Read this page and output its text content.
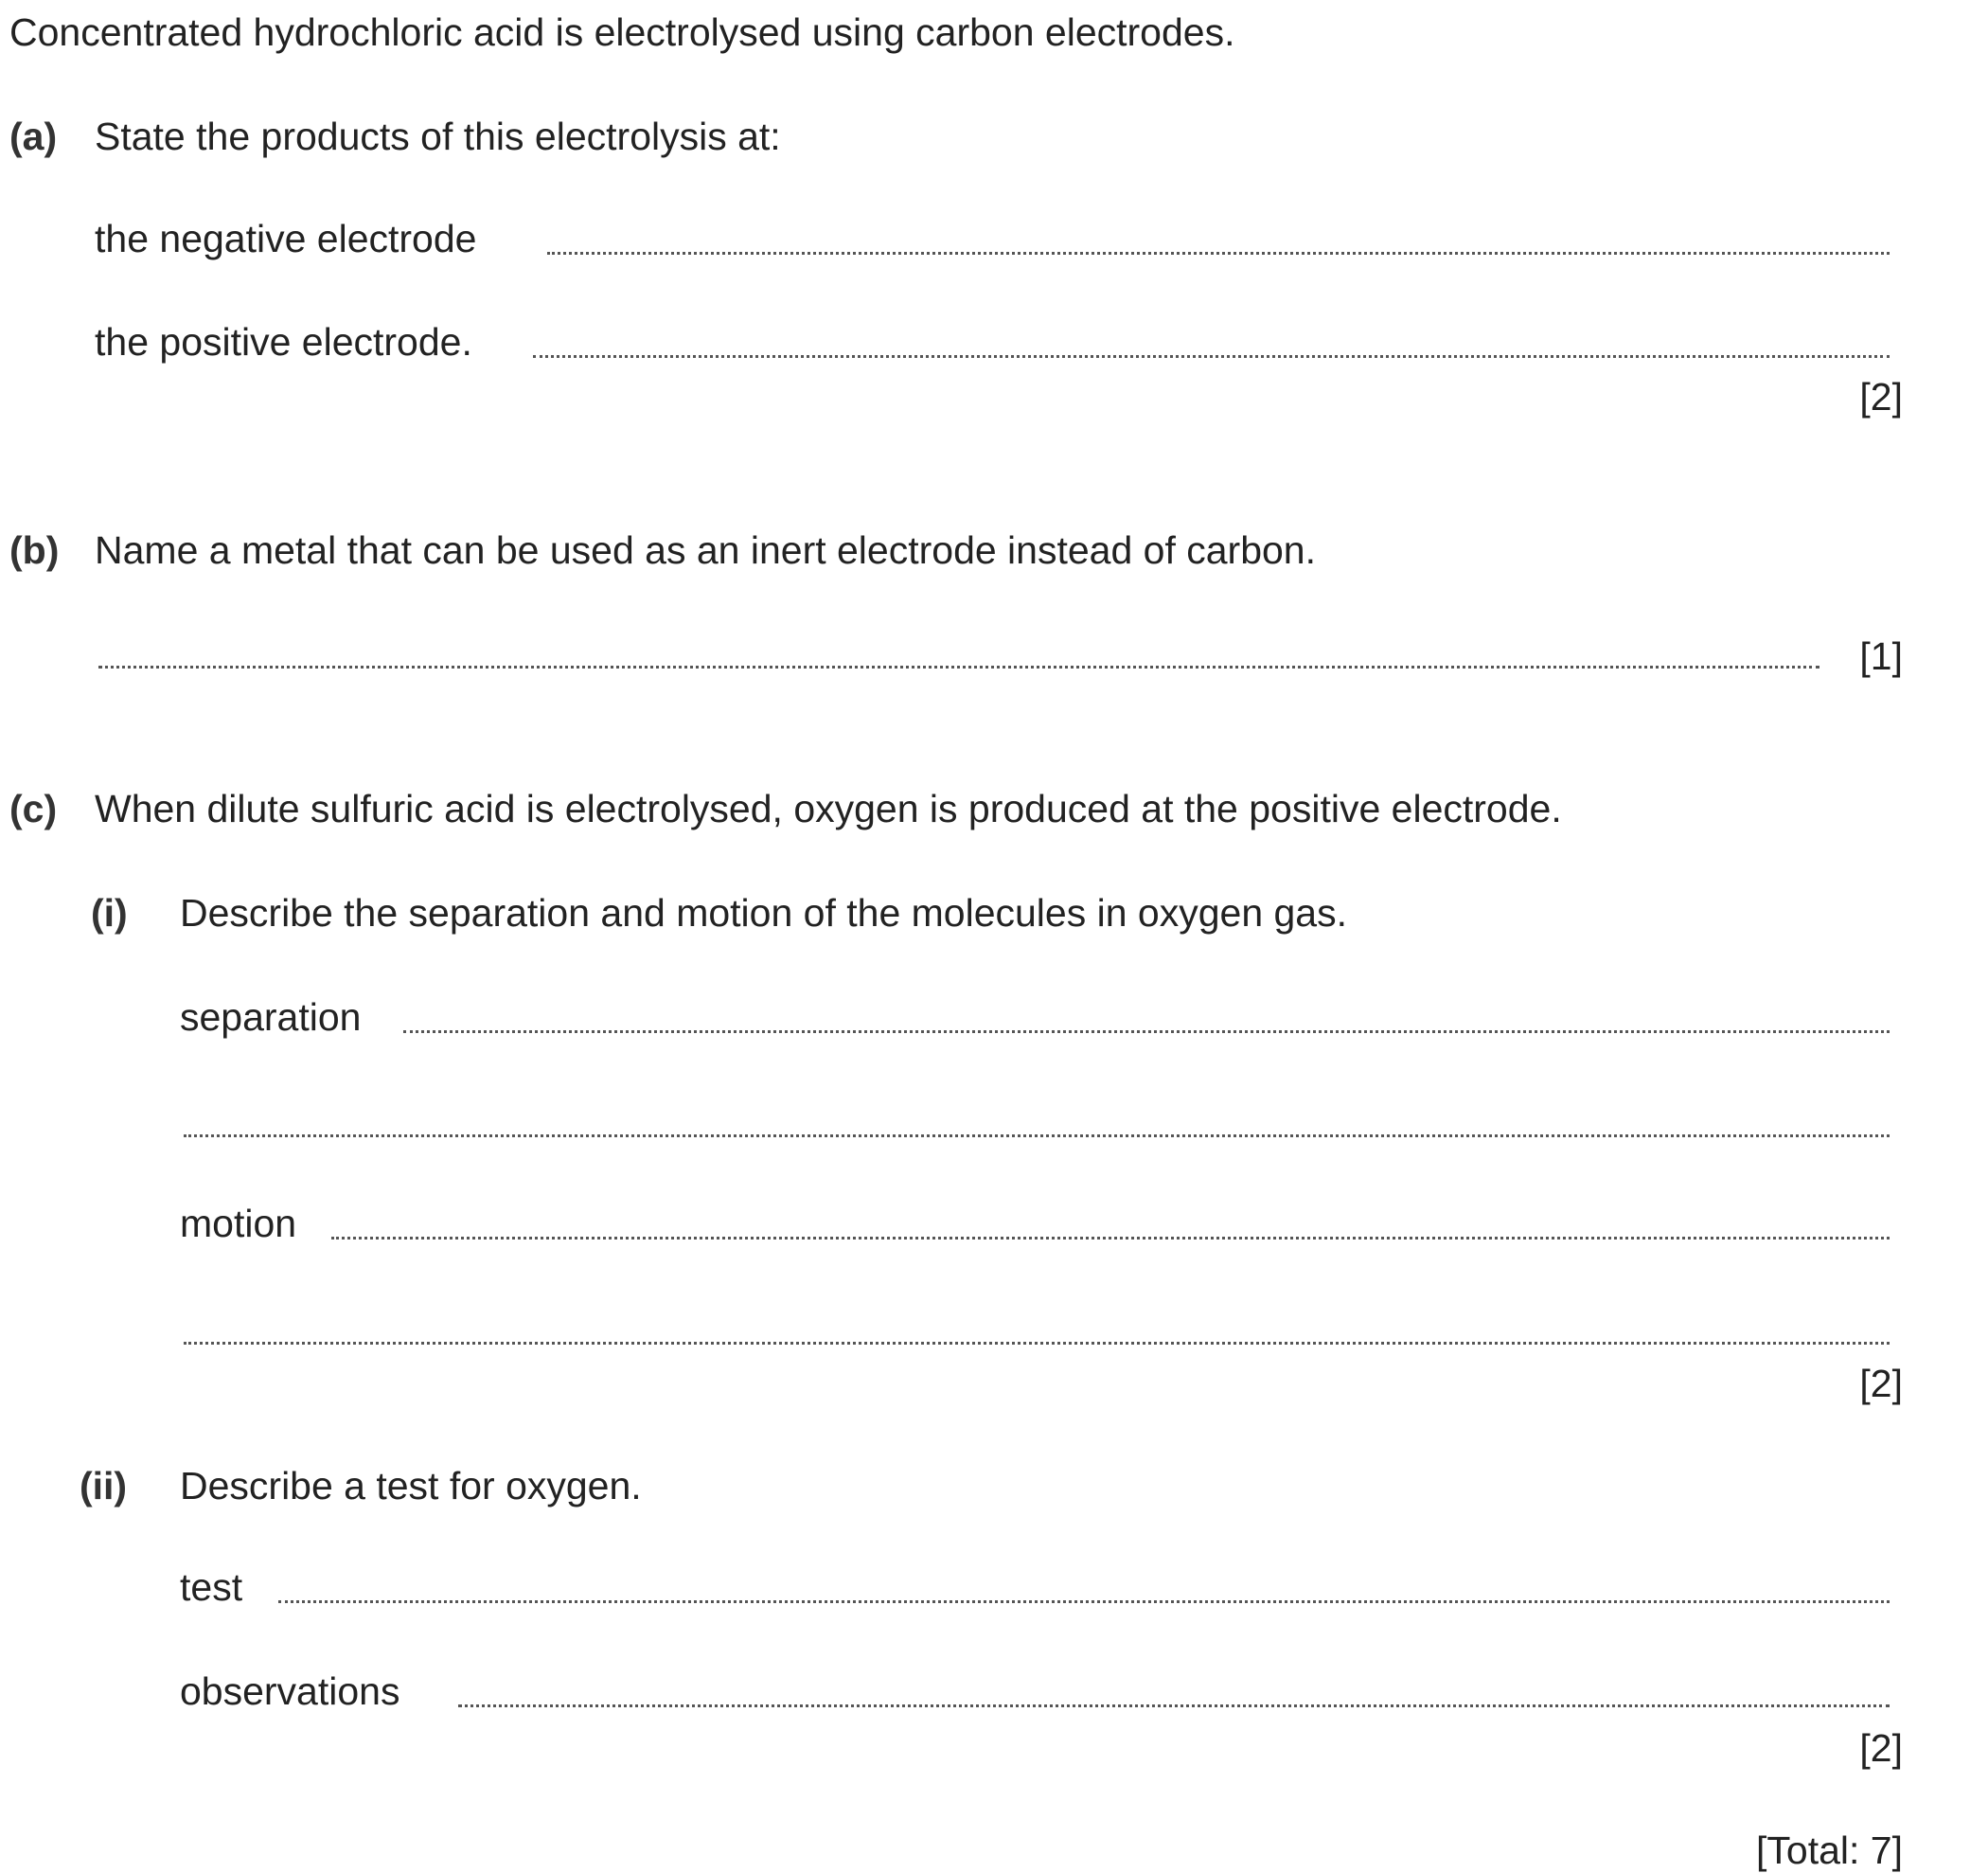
Concentrated hydrochloric acid is electrolysed using carbon electrodes.
(a) State the products of this electrolysis at:
the negative electrode
the positive electrode.
[2]
(b) Name a metal that can be used as an inert electrode instead of carbon.
[1]
(c) When dilute sulfuric acid is electrolysed, oxygen is produced at the positive electrode.
(i) Describe the separation and motion of the molecules in oxygen gas.
separation
motion
[2]
(ii) Describe a test for oxygen.
test
observations
[2]
[Total: 7]
